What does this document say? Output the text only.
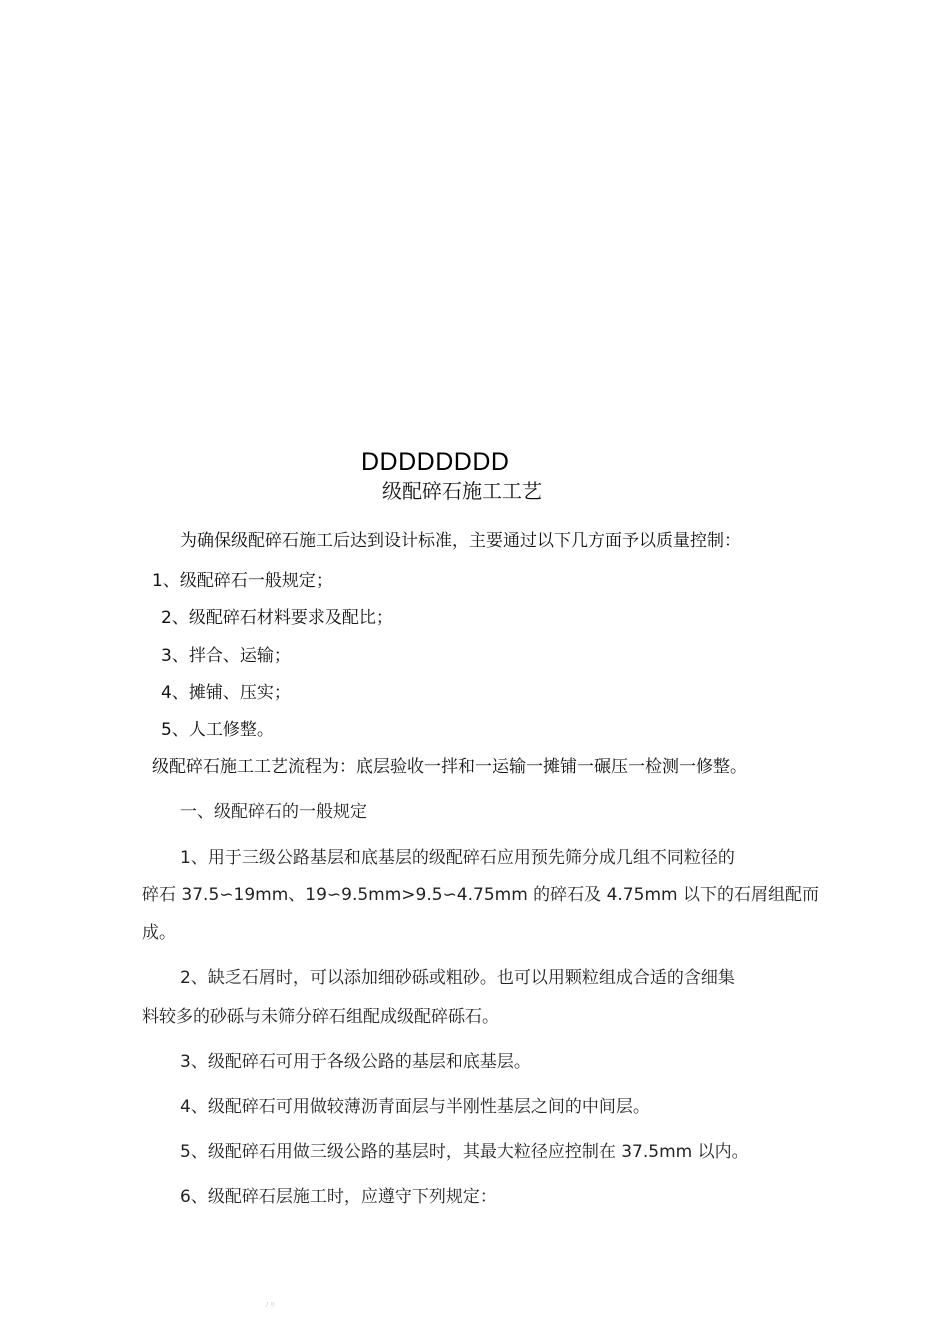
DDDDDDDD
级配碎石施工工艺
为确保级配碎石施工后达到设计标准，主要通过以下几方面予以质量控制：
1、级配碎石一般规定；
2、级配碎石材料要求及配比；
3、拌合、运输；
4、摊铺、压实；
5、人工修整。
级配碎石施工工艺流程为：底层验收一拌和一运输一摊铺一碾压一检测一修整。
一、级配碎石的一般规定
1、用于三级公路基层和底基层的级配碎石应用预先筛分成几组不同粒径的
碎石 37.5∽19mm、19∽9.5mm>9.5∽4.75mm 的碎石及 4.75mm 以下的石屑组配而
成。
2、缺乏石屑时，可以添加细砂砾或粗砂。也可以用颗粒组成合适的含细集
料较多的砂砾与未筛分碎石组配成级配碎砾石。
3、级配碎石可用于各级公路的基层和底基层。
4、级配碎石可用做较薄沥青面层与半刚性基层之间的中间层。
5、级配碎石用做三级公路的基层时，其最大粒径应控制在 37.5mm 以内。
6、级配碎石层施工时，应遵守下列规定：
ﾉ ﾘ
